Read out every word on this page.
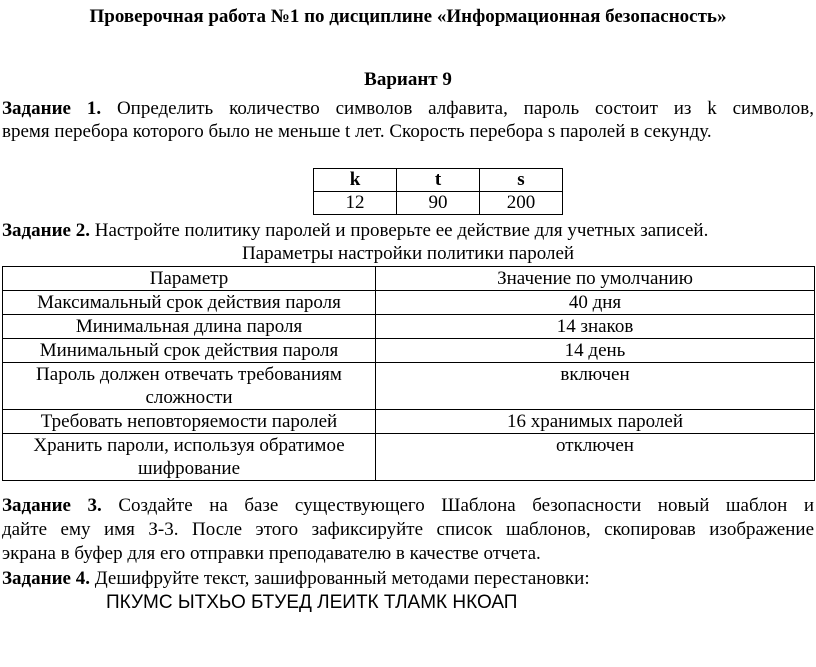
Проверочная работа №1 по дисциплине «Информационная безопасность»
Вариант 9
Задание 1. Определить количество символов алфавита, пароль состоит из k символов,
время перебора которого было не меньше t лет. Скорость перебора s паролей в секунду.
k	t	s
12	90	200
Задание 2. Настройте политику паролей и проверьте ее действие для учетных записей.
Параметры настройки политики паролей
Параметр	Значение по умолчанию
Максимальный срок действия пароля	40 дня
Минимальная длина пароля	14 знаков
Минимальный срок действия пароля	14 день
Пароль должен отвечать требованиям сложности	включен
Требовать неповторяемости паролей	16 хранимых паролей
Хранить пароли, используя обратимое шифрование	отключен
Задание 3. Создайте на базе существующего Шаблона безопасности новый шаблон и
дайте ему имя З-3. После этого зафиксируйте список шаблонов, скопировав изображение
экрана в буфер для его отправки преподавателю в качестве отчета.
Задание 4. Дешифруйте текст, зашифрованный методами перестановки:
ПКУМС ЫТХЬО БТУЕД ЛЕИТК ТЛАМК НКОАП
